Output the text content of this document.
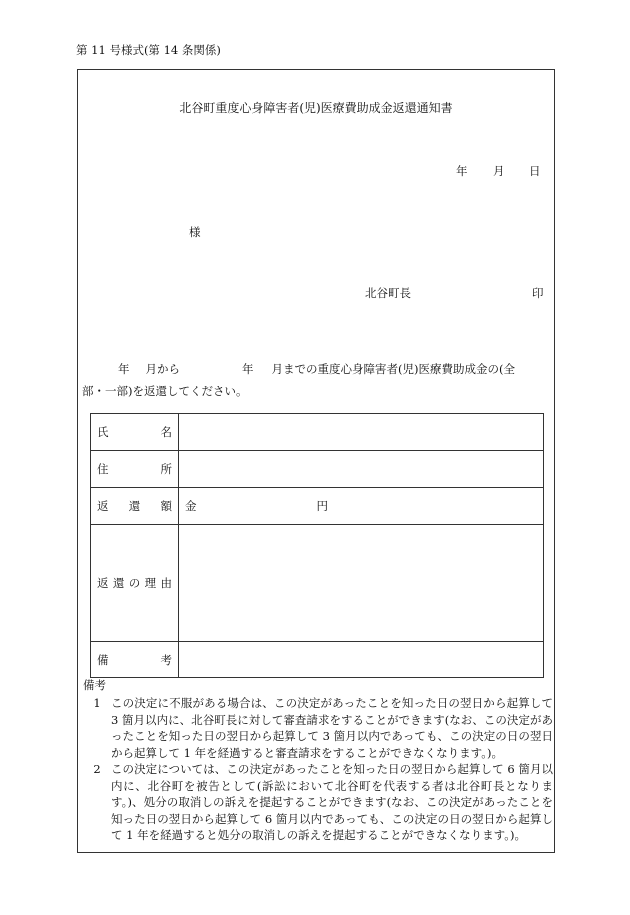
第 11 号様式(第 14 条関係)
北谷町重度心身障害者(児)医療費助成金返還通知書
年 月 日
様
北谷町長	印
年 月から	年 月までの重度心身障害者(児)医療費助成金の(全
部・一部)を返還してください。
氏 名	

住 所	

返 還 額	金 円

返 還 の 理 由	

備 考	

備考
1 この決定に不服がある場合は、この決定があったことを知った日の翌日から起算して 3 箇月以内に、北谷町長に対して審査請求をすることができます(なお、この決定があったことを知った日の翌日から起算して 3 箇月以内であっても、この決定の日の翌日から起算して 1 年を経過すると審査請求をすることができなくなります。)。
2 この決定については、この決定があったことを知った日の翌日から起算して 6 箇月以内に、北谷町を被告として(訴訟において北谷町を代表する者は北谷町長となります。)、処分の取消しの訴えを提起することができます(なお、この決定があったことを知った日の翌日から起算して 6 箇月以内であっても、この決定の日の翌日から起算して 1 年を経過すると処分の取消しの訴えを提起することができなくなります。)。
